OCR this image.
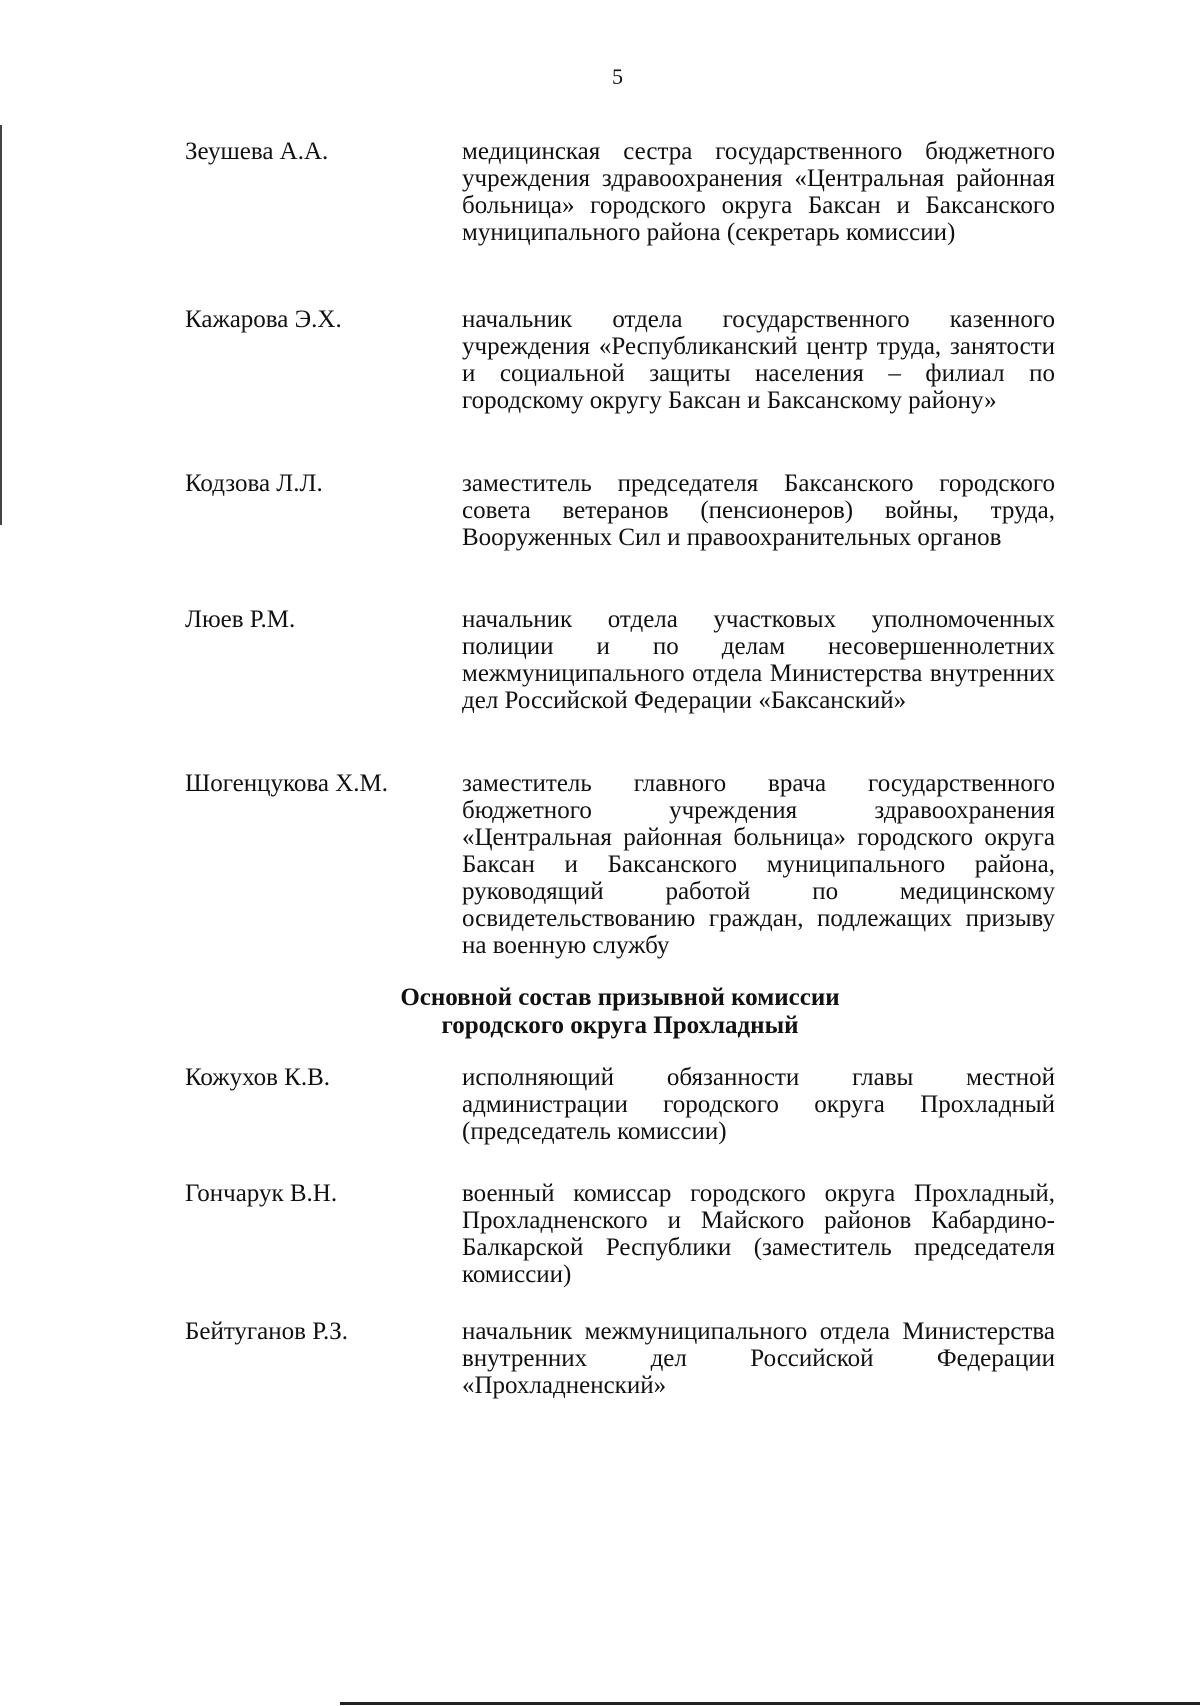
5
Зеушева А.А.	медицинская сестра государственного бюджетного учреждения здравоохранения «Центральная районная больница» городского округа Баксан и Баксанского муниципального района (секретарь комиссии)
Кажарова Э.Х.	начальник отдела государственного казенного учреждения «Республиканский центр труда, занятости и социальной защиты населения – филиал по городскому округу Баксан и Баксанскому району»
Кодзова Л.Л.	заместитель председателя Баксанского городского совета ветеранов (пенсионеров) войны, труда, Вооруженных Сил и правоохранительных органов
Люев Р.М.	начальник отдела участковых уполномоченных полиции и по делам несовершеннолетних межмуниципального отдела Министерства внутренних дел Российской Федерации «Баксанский»
Шогенцукова Х.М.	заместитель главного врача государственного бюджетного учреждения здравоохранения «Центральная районная больница» городского округа Баксан и Баксанского муниципального района, руководящий работой по медицинскому освидетельствованию граждан, подлежащих призыву на военную службу
Основной состав призывной комиссии
городского округа Прохладный
Кожухов К.В.	исполняющий обязанности главы местной администрации городского округа Прохладный (председатель комиссии)
Гончарук В.Н.	военный комиссар городского округа Прохладный, Прохладненского и Майского районов Кабардино-Балкарской Республики (заместитель председателя комиссии)
Бейтуганов Р.З.	начальник межмуниципального отдела Министерства внутренних дел Российской Федерации «Прохладненский»
